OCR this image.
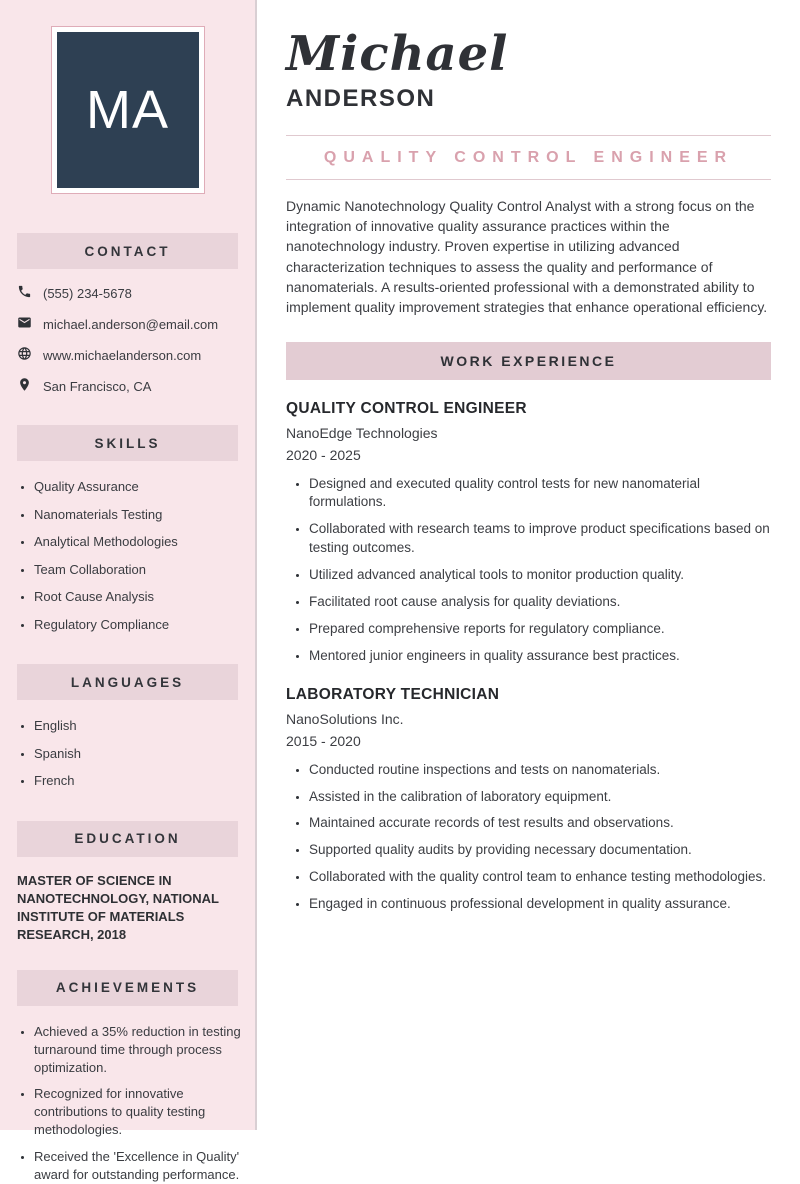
MA
CONTACT
(555) 234-5678
michael.anderson@email.com
www.michaelanderson.com
San Francisco, CA
SKILLS
• Quality Assurance
• Nanomaterials Testing
• Analytical Methodologies
• Team Collaboration
• Root Cause Analysis
• Regulatory Compliance
LANGUAGES
• English
• Spanish
• French
EDUCATION
MASTER OF SCIENCE IN NANOTECHNOLOGY, NATIONAL INSTITUTE OF MATERIALS RESEARCH, 2018
ACHIEVEMENTS
• Achieved a 35% reduction in testing turnaround time through process optimization.
• Recognized for innovative contributions to quality testing methodologies.
• Received the 'Excellence in Quality' award for outstanding performance.
Michael
ANDERSON
QUALITY CONTROL ENGINEER

Dynamic Nanotechnology Quality Control Analyst with a strong focus on the integration of innovative quality assurance practices within the nanotechnology industry. Proven expertise in utilizing advanced characterization techniques to assess the quality and performance of nanomaterials. A results-oriented professional with a demonstrated ability to implement quality improvement strategies that enhance operational efficiency.

WORK EXPERIENCE
QUALITY CONTROL ENGINEER
NanoEdge Technologies
2020 - 2025
• Designed and executed quality control tests for new nanomaterial formulations.
• Collaborated with research teams to improve product specifications based on testing outcomes.
• Utilized advanced analytical tools to monitor production quality.
• Facilitated root cause analysis for quality deviations.
• Prepared comprehensive reports for regulatory compliance.
• Mentored junior engineers in quality assurance best practices.
LABORATORY TECHNICIAN
NanoSolutions Inc.
2015 - 2020
• Conducted routine inspections and tests on nanomaterials.
• Assisted in the calibration of laboratory equipment.
• Maintained accurate records of test results and observations.
• Supported quality audits by providing necessary documentation.
• Collaborated with the quality control team to enhance testing methodologies.
• Engaged in continuous professional development in quality assurance.
